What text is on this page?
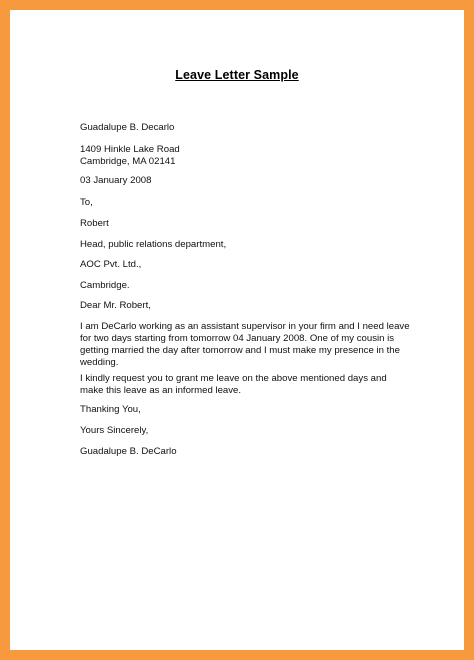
Leave Letter Sample
Guadalupe B. Decarlo
1409 Hinkle Lake Road
Cambridge, MA 02141
03 January 2008
To,
Robert
Head, public relations department,
AOC Pvt. Ltd.,
Cambridge.
Dear Mr. Robert,
I am DeCarlo working as an assistant supervisor in your firm and I need leave
for two days starting from tomorrow 04 January 2008. One of my cousin is
getting married the day after tomorrow and I must make my presence in the
wedding.
I kindly request you to grant me leave on the above mentioned days and
make this leave as an informed leave.
Thanking You,
Yours Sincerely,
Guadalupe B. DeCarlo
